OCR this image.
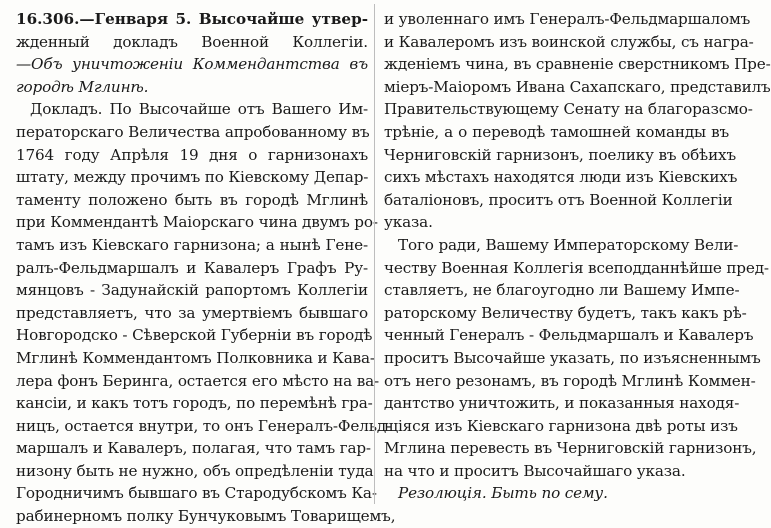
16.306.—Генваря 5. Высочайше утвер-
жденный докладъ Военной Коллегіи.
—Объ уничтоженіи Коммендантства въ
городѣ Мглинѣ.
Докладъ. По Высочайше отъ Вашего Им-
ператорскаго Величества апробованному въ
1764 году Апрѣля 19 дня о гарнизонахъ
штату, между прочимъ по Кіевскому Депар-
таменту положено быть въ городѣ Мглинѣ
при Коммендантѣ Маіорскаго чина двумъ ро-
тамъ изъ Кіевскаго гарнизона; а нынѣ Гене-
ралъ-Фельдмаршалъ и Кавалеръ Графъ Ру-
мянцовъ - Задунайскій рапортомъ Коллегіи
представляетъ, что за умертвіемъ бывшаго
Новгородско - Сѣверской Губерніи въ городѣ
Мглинѣ Коммендантомъ Полковника и Кава-
лера фонъ Беринга, остается его мѣсто на ва-
кансіи, и какъ тотъ городъ, по перемѣнѣ гра-
ницъ, остается внутри, то онъ Генералъ-Фельд-
маршалъ и Кавалеръ, полагая, что тамъ гар-
низону быть не нужно, объ опредѣленіи туда
Городничимъ бывшаго въ Стародубскомъ Ка-
рабинерномъ полку Бунчуковымъ Товарищемъ,
и уволеннаго имъ Генералъ-Фельдмаршаломъ
и Кавалеромъ изъ воинской службы, съ награ-
жденіемъ чина, въ сравненіе сверстникомъ Пре-
міеръ-Маіоромъ Ивана Сахапскаго, представилъ
Правительствующему Сенату на благоразсмо-
трѣніе, а о переводѣ тамошней команды въ
Черниговскій гарнизонъ, поелику въ обѣихъ
сихъ мѣстахъ находятся люди изъ Кіевскихъ
баталіоновъ, проситъ отъ Военной Коллегіи
указа.
Того ради, Вашему Императорскому Вели-
честву Военная Коллегія всеподданнѣйше пред-
ставляетъ, не благоугодно ли Вашему Импе-
раторскому Величеству будетъ, такъ какъ рѣ-
ченный Генералъ - Фельдмаршалъ и Кавалеръ
проситъ Высочайше указать, по изъясненнымъ
отъ него резонамъ, въ городѣ Мглинѣ Коммен-
дантство уничтожить, и показанныя находя-
щіяся изъ Кіевскаго гарнизона двѣ роты изъ
Мглина перевесть въ Черниговскій гарнизонъ,
на что и проситъ Высочайшаго указа.
Резолюція. Быть по сему.
